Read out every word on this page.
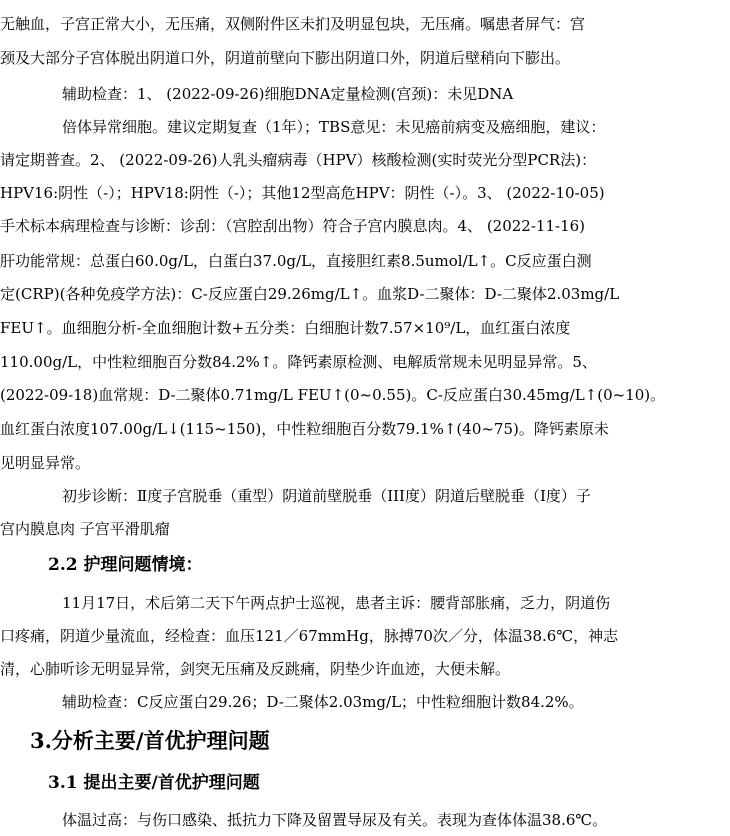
无触血，子宫正常大小，无压痛，双侧附件区未扪及明显包块，无压痛。嘱患者屏气：宫
颈及大部分子宫体脱出阴道口外，阴道前壁向下膨出阴道口外，阴道后壁稍向下膨出。
辅助检查：1、 (2022-09-26)细胞DNA定量检测(宫颈)：未见DNA
倍体异常细胞。建议定期复查（1年）；TBS意见：未见癌前病变及癌细胞，建议：
请定期普查。2、 (2022-09-26)人乳头瘤病毒（HPV）核酸检测(实时荧光分型PCR法)：
HPV16:阴性（-）；HPV18:阴性（-）；其他12型高危HPV：阴性（-）。3、 (2022-10-05)
手术标本病理检查与诊断：诊刮：（宫腔刮出物）符合子宫内膜息肉。4、 (2022-11-16)
肝功能常规：总蛋白60.0g/L，白蛋白37.0g/L，直接胆红素8.5umol/L↑。C反应蛋白测
定(CRP)(各种免疫学方法)：C-反应蛋白29.26mg/L↑。血浆D-二聚体：D-二聚体2.03mg/L
FEU↑。血细胞分析-全血细胞计数+五分类：白细胞计数7.57×10⁹/L，血红蛋白浓度
110.00g/L，中性粒细胞百分数84.2%↑。降钙素原检测、电解质常规未见明显异常。5、
(2022-09-18)血常规：D-二聚体0.71mg/L FEU↑(0~0.55)。C-反应蛋白30.45mg/L↑(0~10)。
血红蛋白浓度107.00g/L↓(115~150)，中性粒细胞百分数79.1%↑(40~75)。降钙素原未
见明显异常。
初步诊断：Ⅱ度子宫脱垂（重型）阴道前壁脱垂（III度）阴道后壁脱垂（I度）子
宫内膜息肉 子宫平滑肌瘤
2.2 护理问题情境：
11月17日，术后第二天下午两点护士巡视，患者主诉：腰背部胀痛，乏力，阴道伤
口疼痛，阴道少量流血，经检查：血压121／67mmHg，脉搏70次／分，体温38.6℃，神志
清，心肺听诊无明显异常，剑突无压痛及反跳痛，阴垫少许血迹，大便未解。
辅助检查：C反应蛋白29.26；D-二聚体2.03mg/L；中性粒细胞计数84.2%。
3.分析主要/首优护理问题
3.1 提出主要/首优护理问题
体温过高：与伤口感染、抵抗力下降及留置导尿及有关。表现为查体体温38.6℃。
